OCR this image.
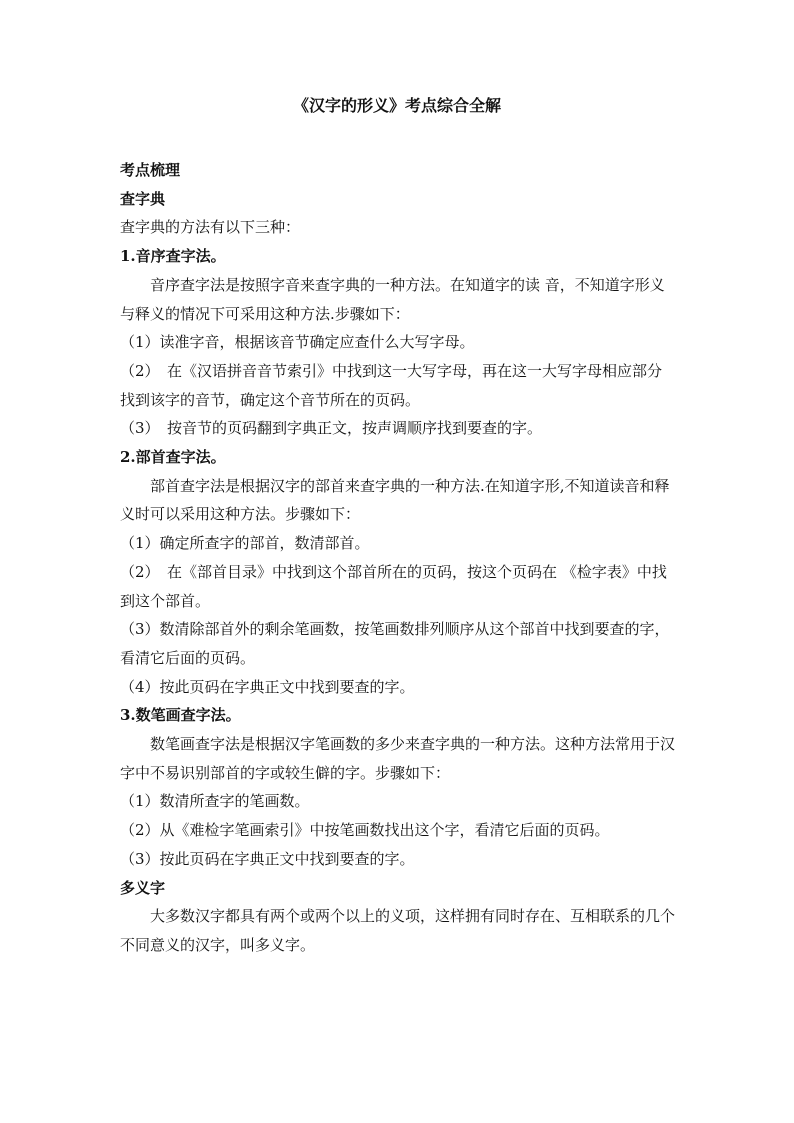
《汉字的形义》考点综合全解

考点梳理

查字典

查字典的方法有以下三种：

1.音序查字法。

音序查字法是按照字音来查字典的一种方法。在知道字的读 音，不知道字形义与释义的情况下可采用这种方法.步骤如下：

（1）读准字音，根据该音节确定应查什么大写字母。

（2）　在《汉语拼音音节索引》中找到这一大写字母，再在这一大写字母相应部分找到该字的音节，确定这个音节所在的页码。

（3）　按音节的页码翻到字典正文，按声调顺序找到要查的字。

2.部首查字法。

部首查字法是根据汉字的部首来查字典的一种方法.在知道字形,不知道读音和释义时可以采用这种方法。步骤如下：

（1）确定所查字的部首，数清部首。

（2）　在《部首目录》中找到这个部首所在的页码，按这个页码在 《检字表》中找到这个部首。

（3）数清除部首外的剩余笔画数，按笔画数排列顺序从这个部首中找到要查的字，看清它后面的页码。

（4）按此页码在字典正文中找到要查的字。

3.数笔画查字法。

数笔画查字法是根据汉字笔画数的多少来查字典的一种方法。这种方法常用于汉字中不易识别部首的字或较生僻的字。步骤如下：

（1）数清所查字的笔画数。

（2）从《难检字笔画索引》中按笔画数找出这个字，看清它后面的页码。

（3）按此页码在字典正文中找到要查的字。

多义字

大多数汉字都具有两个或两个以上的义项，这样拥有同时存在、互相联系的几个不同意义的汉字，叫多义字。
